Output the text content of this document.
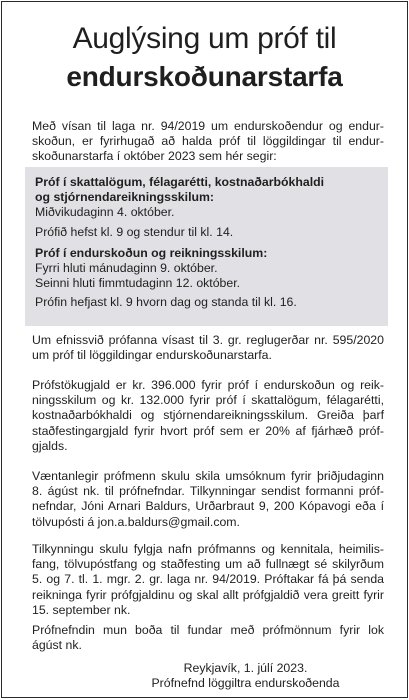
Auglýsing um próf til
endurskoðunarstarfa
Með vísan til laga nr. 94/2019 um endurskoðendur og endur-
skoðun, er fyrirhugað að halda próf til löggildingar til endur-
skoðunarstarfa í október 2023 sem hér segir:
Próf í skattalögum, félagarétti, kostnaðarbókhaldi
og stjórnendareikningsskilum:
Miðvikudaginn 4. október.
Prófið hefst kl. 9 og stendur til kl. 14.
Próf í endurskoðun og reikningsskilum:
Fyrri hluti mánudaginn 9. október.
Seinni hluti fimmtudaginn 12. október.
Prófin hefjast kl. 9 hvorn dag og standa til kl. 16.
Um efnissvið prófanna vísast til 3. gr. reglugerðar nr. 595/2020
um próf til löggildingar endurskoðunarstarfa.
Prófstökugjald er kr. 396.000 fyrir próf í endurskoðun og reik-
ningsskilum og kr. 132.000 fyrir próf í skattalögum, félagarétti,
kostnaðarbókhaldi og stjórnendareikningsskilum. Greiða þarf
staðfestingargjald fyrir hvort próf sem er 20% af fjárhæð próf-
gjalds.
Væntanlegir prófmenn skulu skila umsóknum fyrir þriðjudaginn
8. ágúst nk. til prófnefndar. Tilkynningar sendist formanni próf-
nefndar, Jóni Arnari Baldurs, Urðarbraut 9, 200 Kópavogi eða í
tölvupósti á jon.a.baldurs@gmail.com.
Tilkynningu skulu fylgja nafn prófmanns og kennitala, heimilis-
fang, tölvupóstfang og staðfesting um að fullnægt sé skilyrðum
5. og 7. tl. 1. mgr. 2. gr. laga nr. 94/2019. Próftakar fá þá senda
reikninga fyrir prófgjaldinu og skal allt prófgjaldið vera greitt fyrir
15. september nk.
Prófnefndin mun boða til fundar með prófmönnum fyrir lok
ágúst nk.
Reykjavík, 1. júlí 2023.
Prófnefnd löggiltra endurskoðenda
